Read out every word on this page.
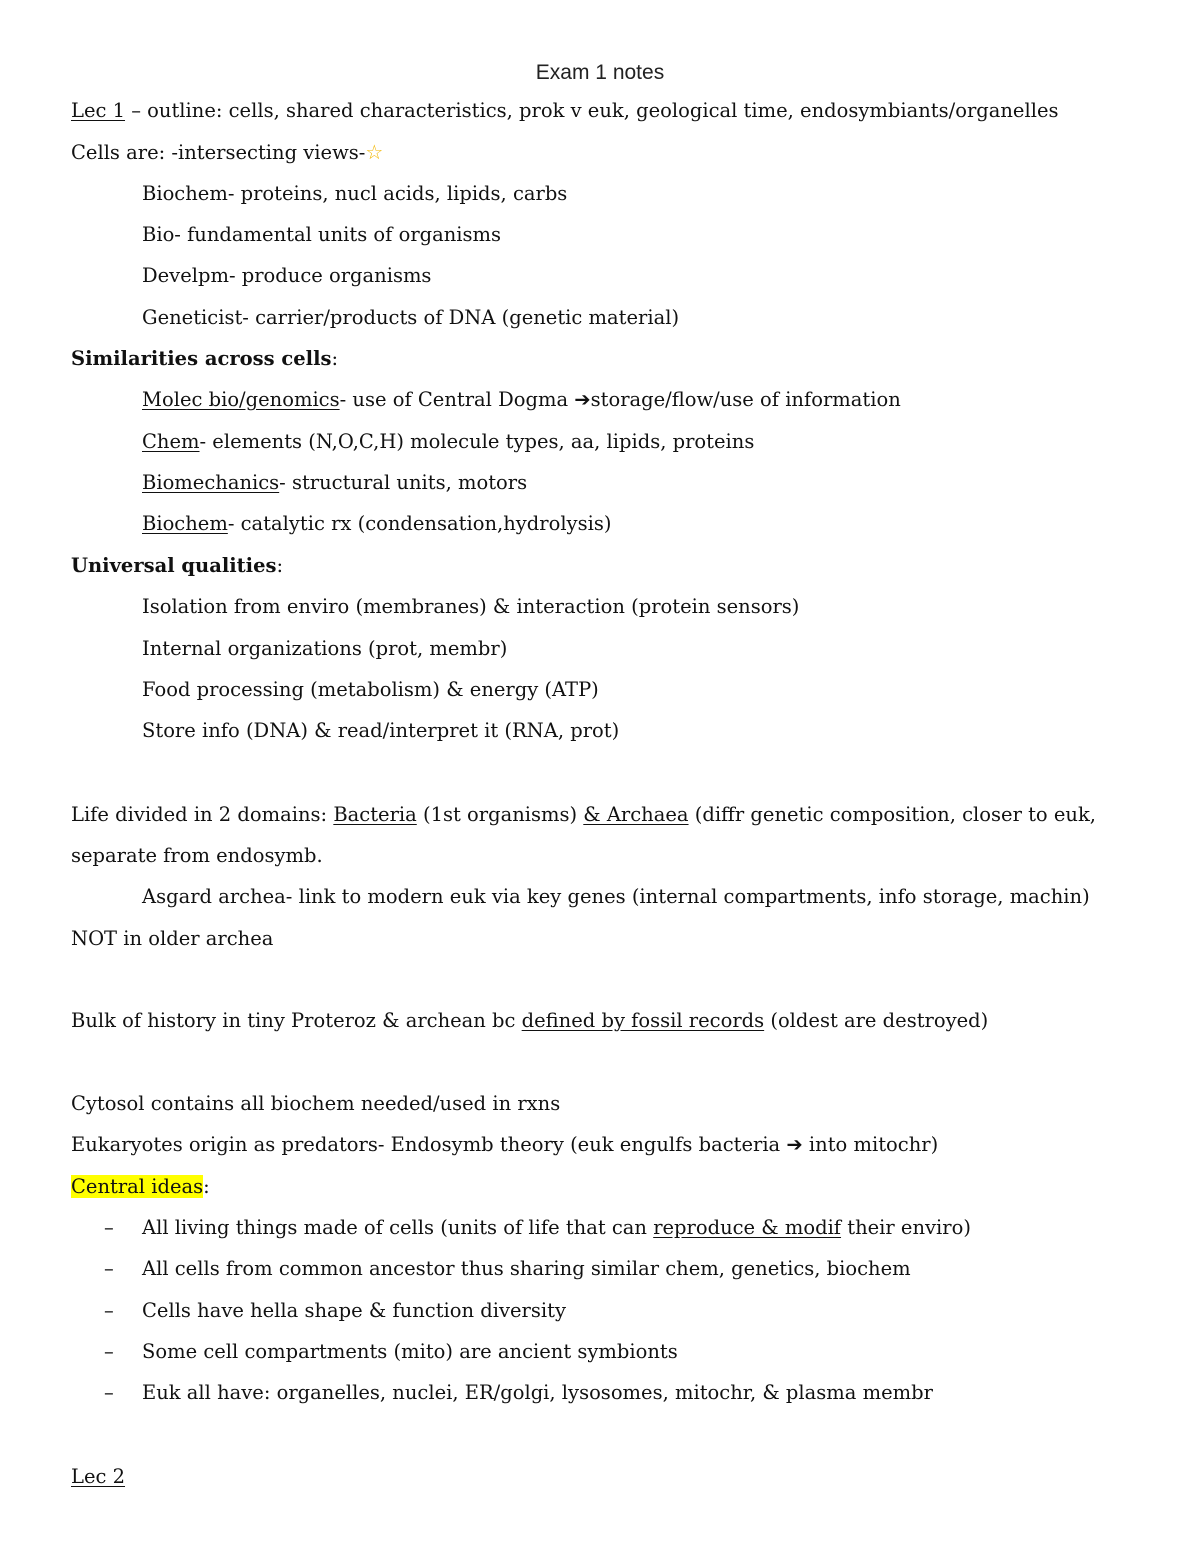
Exam 1 notes
Lec 1 – outline: cells, shared characteristics, prok v euk, geological time, endosymbiants/organelles
Cells are: -intersecting views-☆
Biochem- proteins, nucl acids, lipids, carbs
Bio- fundamental units of organisms
Develpm- produce organisms
Geneticist- carrier/products of DNA (genetic material)
Similarities across cells:
Molec bio/genomics- use of Central Dogma ➔storage/flow/use of information
Chem- elements (N,O,C,H) molecule types, aa, lipids, proteins
Biomechanics- structural units, motors
Biochem- catalytic rx (condensation,hydrolysis)
Universal qualities:
Isolation from enviro (membranes) & interaction (protein sensors)
Internal organizations (prot, membr)
Food processing (metabolism) & energy (ATP)
Store info (DNA) & read/interpret it (RNA, prot)
Life divided in 2 domains: Bacteria (1st organisms) & Archaea (diffr genetic composition, closer to euk,
separate from endosymb.
Asgard archea- link to modern euk via key genes (internal compartments, info storage, machin)
NOT in older archea
Bulk of history in tiny Proteroz & archean bc defined by fossil records (oldest are destroyed)
Cytosol contains all biochem needed/used in rxns
Eukaryotes origin as predators- Endosymb theory (euk engulfs bacteria ➔ into mitochr)
Central ideas:
– All living things made of cells (units of life that can reproduce & modif their enviro)
– All cells from common ancestor thus sharing similar chem, genetics, biochem
– Cells have hella shape & function diversity
– Some cell compartments (mito) are ancient symbionts
– Euk all have: organelles, nuclei, ER/golgi, lysosomes, mitochr, & plasma membr
Lec 2
